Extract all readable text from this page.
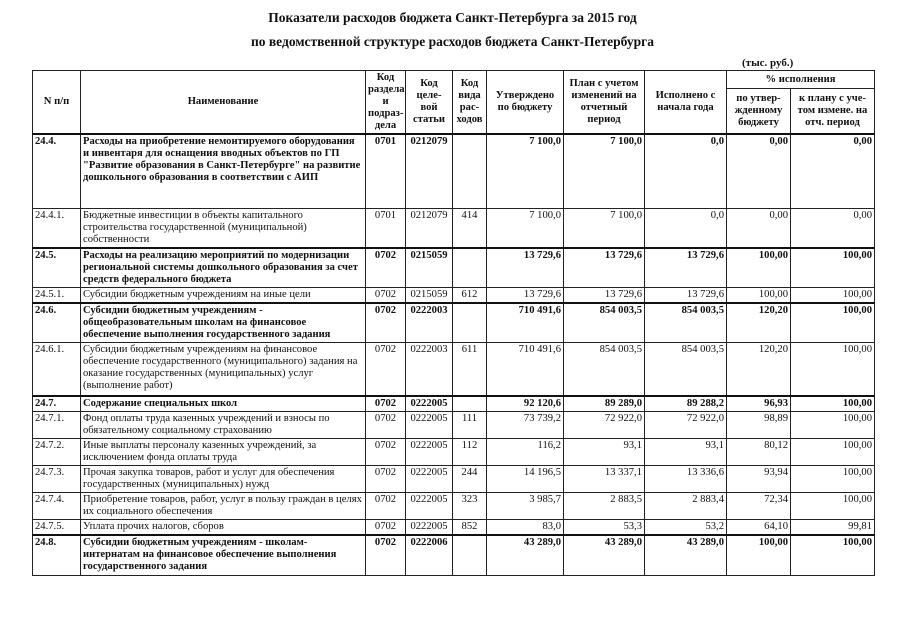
Показатели расходов бюджета Санкт-Петербурга за 2015 год
по ведомственной структуре расходов бюджета Санкт-Петербурга
(тыс. руб.)
N п/п	Наименование	Код раздела и подраз-дела	Код целе-вой статьи	Код вида рас-ходов	Утверждено по бюджету	План с учетом изменений на отчетный период	Исполнено с начала года	% исполнения	
								по утвер-жденному бюджету	к плану с уче-том измене. на отч. период
24.4.	Расходы на приобретение немонтируемого оборудования и инвентаря для оснащения вводных объектов по ГП "Развитие образования в Санкт-Петербурге" на развитие дошкольного образования в соответствии с АИП	0701	0212079		7 100,0	7 100,0	0,0	0,00	0,00
24.4.1.	Бюджетные инвестиции в объекты капитального строительства государственной (муниципальной) собственности	0701	0212079	414	7 100,0	7 100,0	0,0	0,00	0,00
24.5.	Расходы на реализацию мероприятий по модернизации региональной системы дошкольного образования за счет средств федерального бюджета	0702	0215059		13 729,6	13 729,6	13 729,6	100,00	100,00
24.5.1.	Субсидии бюджетным учреждениям на иные цели	0702	0215059	612	13 729,6	13 729,6	13 729,6	100,00	100,00
24.6.	Субсидии бюджетным учреждениям - общеобразовательным школам на финансовое обеспечение выполнения государственного задания	0702	0222003		710 491,6	854 003,5	854 003,5	120,20	100,00
24.6.1.	Субсидии бюджетным учреждениям на финансовое обеспечение государственного (муниципального) задания на оказание государственных (муниципальных) услуг (выполнение работ)	0702	0222003	611	710 491,6	854 003,5	854 003,5	120,20	100,00
24.7.	Содержание специальных школ	0702	0222005		92 120,6	89 289,0	89 288,2	96,93	100,00
24.7.1.	Фонд оплаты труда казенных учреждений и взносы по обязательному социальному страхованию	0702	0222005	111	73 739,2	72 922,0	72 922,0	98,89	100,00
24.7.2.	Иные выплаты персоналу казенных учреждений, за исключением фонда оплаты труда	0702	0222005	112	116,2	93,1	93,1	80,12	100,00
24.7.3.	Прочая закупка товаров, работ и услуг для обеспечения государственных (муниципальных) нужд	0702	0222005	244	14 196,5	13 337,1	13 336,6	93,94	100,00
24.7.4.	Приобретение товаров, работ, услуг в пользу граждан в целях их социального обеспечения	0702	0222005	323	3 985,7	2 883,5	2 883,4	72,34	100,00
24.7.5.	Уплата прочих налогов, сборов	0702	0222005	852	83,0	53,3	53,2	64,10	99,81
24.8.	Субсидии бюджетным учреждениям - школам-интернатам на финансовое обеспечение выполнения государственного задания	0702	0222006		43 289,0	43 289,0	43 289,0	100,00	100,00
